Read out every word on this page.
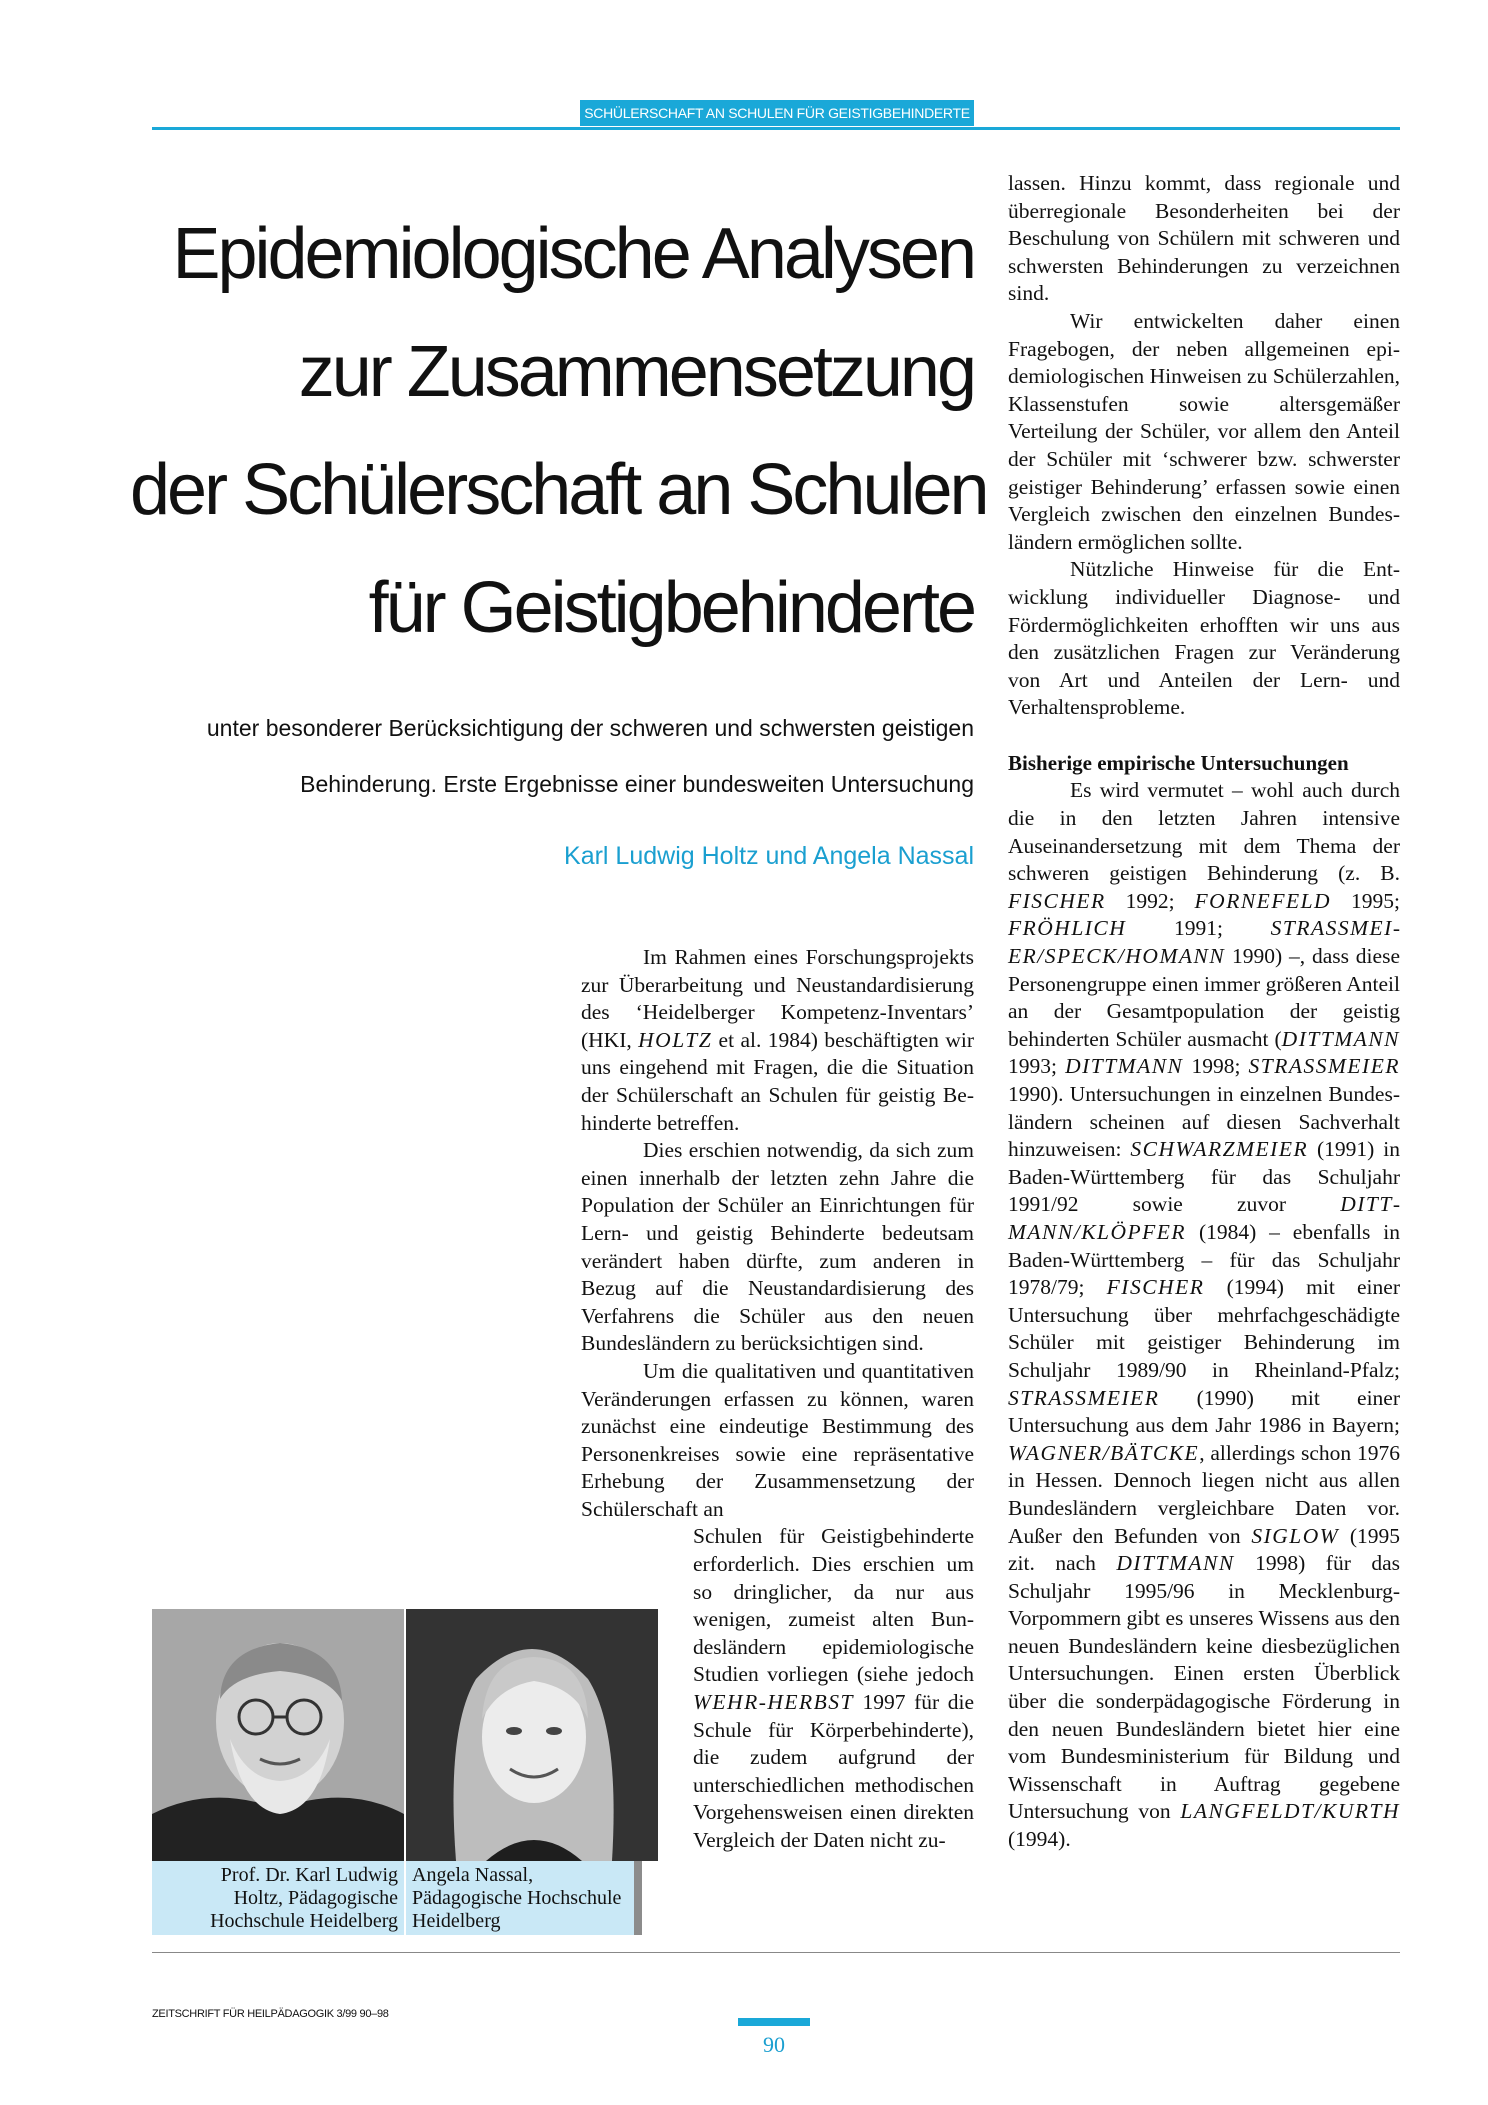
SCHÜLERSCHAFT AN SCHULEN FÜR GEISTIGBEHINDERTE
Epidemiologische Analysen
zur Zusammensetzung
der Schülerschaft an Schulen
für Geistigbehinderte
unter besonderer Berücksichtigung der schweren und schwersten geistigen
Behinderung. Erste Ergebnisse einer bundesweiten Untersuchung
Karl Ludwig Holtz und Angela Nassal

Im Rahmen eines Forschungsprojekts zur Überarbeitung und Neustandardisierung des ‘Heidelberger Kompetenz-Inventars’ (HKI, HOLTZ et al. 1984) beschäftigten wir uns eingehend mit Fragen, die die Situation der Schülerschaft an Schulen für geistig Behinderte betreffen.

Dies erschien notwendig, da sich zum einen innerhalb der letzten zehn Jahre die Population der Schüler an Einrichtungen für Lern- und geistig Behinderte bedeutsam verändert haben dürfte, zum anderen in Bezug auf die Neustandardisierung des Verfahrens die Schüler aus den neuen Bundesländern zu berücksichtigen sind.

Um die qualitativen und quantitativen Veränderungen erfassen zu können, waren zunächst eine eindeutige Bestimmung des Personenkreises sowie eine repräsentative Erhebung der Zusammensetzung der Schülerschaft an

Schulen für Geistigbehinderte erforderlich. Dies erschien um so dringlicher, da nur aus wenigen, zumeist alten Bundesländern epidemiologische Studien vorliegen (siehe jedoch WEHR-HERBST 1997 für die Schule für Körperbehinderte), die zudem aufgrund der unterschiedlichen methodischen Vorgehensweisen einen direkten Vergleich der Daten nicht zu-

lassen. Hinzu kommt, dass regionale und überregionale Besonderheiten bei der Beschulung von Schülern mit schweren und schwersten Behinderungen zu verzeichnen sind.

Wir entwickelten daher einen Fragebogen, der neben allgemeinen epidemiologischen Hinweisen zu Schülerzahlen, Klassenstufen sowie altersgemäßer Verteilung der Schüler, vor allem den Anteil der Schüler mit ‘schwerer bzw. schwerster geistiger Behinderung’ erfassen sowie einen Vergleich zwischen den einzelnen Bundesländern ermöglichen sollte.

Nützliche Hinweise für die Entwicklung individueller Diagnose- und Fördermöglichkeiten erhofften wir uns aus den zusätzlichen Fragen zur Veränderung von Art und Anteilen der Lern- und Verhaltensprobleme.

Bisherige empirische Untersuchungen

Es wird vermutet – wohl auch durch die in den letzten Jahren intensive Auseinandersetzung mit dem Thema der schweren geistigen Behinderung (z. B. FISCHER 1992; FORNEFELD 1995; FRÖHLICH 1991; STRASSMEIER/SPECK/HOMANN 1990) –, dass diese Personengruppe einen immer größeren Anteil an der Gesamtpopulation der geistig behinderten Schüler ausmacht (DITTMANN 1993; DITTMANN 1998; STRASSMEIER 1990). Untersuchungen in einzelnen Bundesländern scheinen auf diesen Sachverhalt hinzuweisen: SCHWARZMEIER (1991) in Baden-Württemberg für das Schuljahr 1991/92 sowie zuvor DITTMANN/KLÖPFER (1984) – ebenfalls in Baden-Württemberg – für das Schuljahr 1978/79; FISCHER (1994) mit einer Untersuchung über mehrfachgeschädigte Schüler mit geistiger Behinderung im Schuljahr 1989/90 in Rheinland-Pfalz; STRASSMEIER (1990) mit einer Untersuchung aus dem Jahr 1986 in Bayern; WAGNER/BÄTCKE, allerdings schon 1976 in Hessen. Dennoch liegen nicht aus allen Bundesländern vergleichbare Daten vor. Außer den Befunden von SIGLOW (1995 zit. nach DITTMANN 1998) für das Schuljahr 1995/96 in Mecklenburg-Vorpommern gibt es unseres Wissens aus den neuen Bundesländern keine diesbezüglichen Untersuchungen. Einen ersten Überblick über die sonderpädagogische Förderung in den neuen Bundesländern bietet hier eine vom Bundesministerium für Bildung und Wissenschaft in Auftrag gegebene Untersuchung von LANGFELDT/KURTH (1994).

Prof. Dr. Karl Ludwig
Holtz, Pädagogische
Hochschule Heidelberg
Angela Nassal,
Pädagogische Hochschule
Heidelberg
ZEITSCHRIFT FÜR HEILPÄDAGOGIK 3/99 90–98
90
